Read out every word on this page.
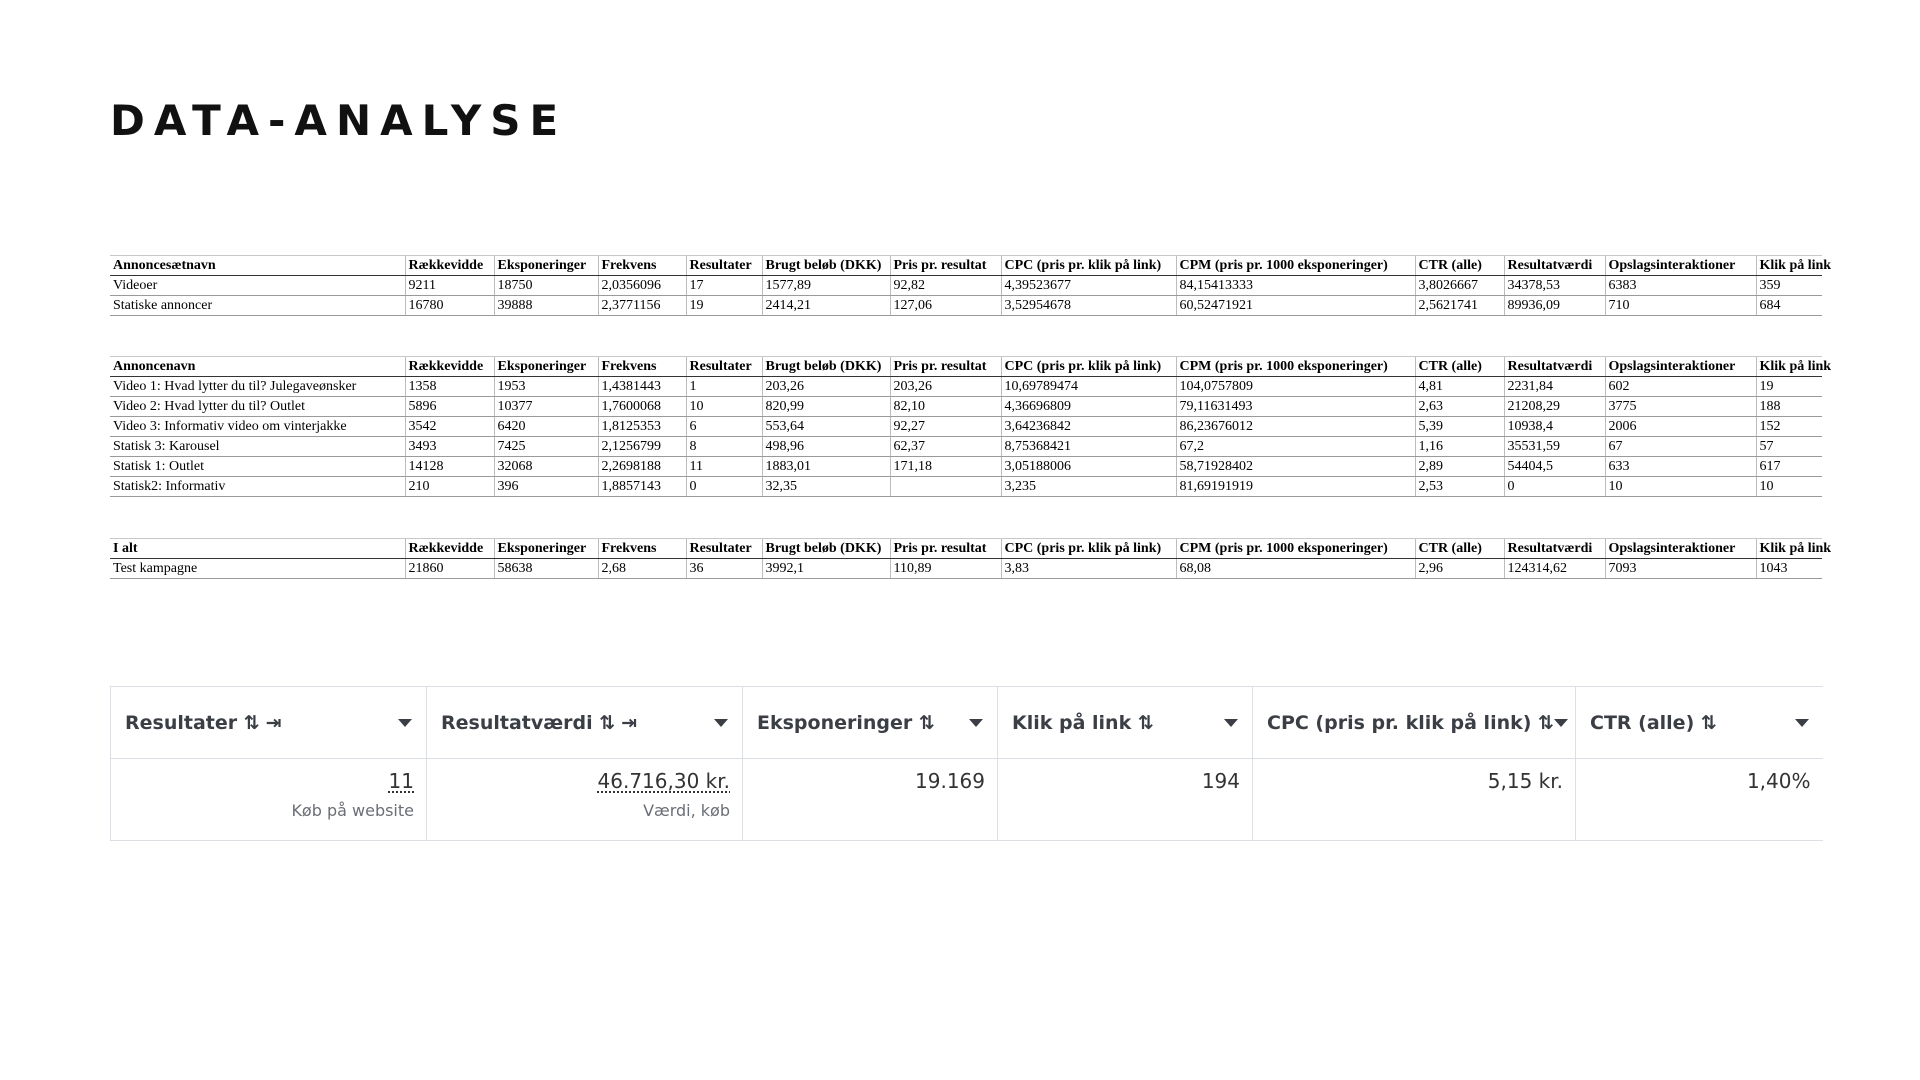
DATA-ANALYSE
Annoncesætnavn	Rækkevidde	Eksponeringer	Frekvens	Resultater	Brugt beløb (DKK)	Pris pr. resultat	CPC (pris pr. klik på link)	CPM (pris pr. 1000 eksponeringer)	CTR (alle)	Resultatværdi	Opslagsinteraktioner	Klik på link
Videoer	9211	18750	2,0356096	17	1577,89	92,82	4,39523677	84,15413333	3,8026667	34378,53	6383	359
Statiske annoncer	16780	39888	2,3771156	19	2414,21	127,06	3,52954678	60,52471921	2,5621741	89936,09	710	684
Annoncenavn	Rækkevidde	Eksponeringer	Frekvens	Resultater	Brugt beløb (DKK)	Pris pr. resultat	CPC (pris pr. klik på link)	CPM (pris pr. 1000 eksponeringer)	CTR (alle)	Resultatværdi	Opslagsinteraktioner	Klik på link
Video 1: Hvad lytter du til? Julegaveønsker	1358	1953	1,4381443	1	203,26	203,26	10,69789474	104,0757809	4,81	2231,84	602	19
Video 2: Hvad lytter du til? Outlet	5896	10377	1,7600068	10	820,99	82,10	4,36696809	79,11631493	2,63	21208,29	3775	188
Video 3: Informativ video om vinterjakke	3542	6420	1,8125353	6	553,64	92,27	3,64236842	86,23676012	5,39	10938,4	2006	152
Statisk 3: Karousel	3493	7425	2,1256799	8	498,96	62,37	8,75368421	67,2	1,16	35531,59	67	57
Statisk 1: Outlet	14128	32068	2,2698188	11	1883,01	171,18	3,05188006	58,71928402	2,89	54404,5	633	617
Statisk2: Informativ	210	396	1,8857143	0	32,35		3,235	81,69191919	2,53	0	10	10
I alt	Rækkevidde	Eksponeringer	Frekvens	Resultater	Brugt beløb (DKK)	Pris pr. resultat	CPC (pris pr. klik på link)	CPM (pris pr. 1000 eksponeringer)	CTR (alle)	Resultatværdi	Opslagsinteraktioner	Klik på link
Test kampagne	21860	58638	2,68	36	3992,1	110,89	3,83	68,08	2,96	124314,62	7093	1043
Resultater ⇅ ⇥	Resultatværdi ⇅ ⇥	Eksponeringer ⇅	Klik på link ⇅	CPC (pris pr. klik på link) ⇅	CTR (alle) ⇅

11
Køb på website	46.716,30 kr.
Værdi, køb	19.169	194	5,15 kr.	1,40%
